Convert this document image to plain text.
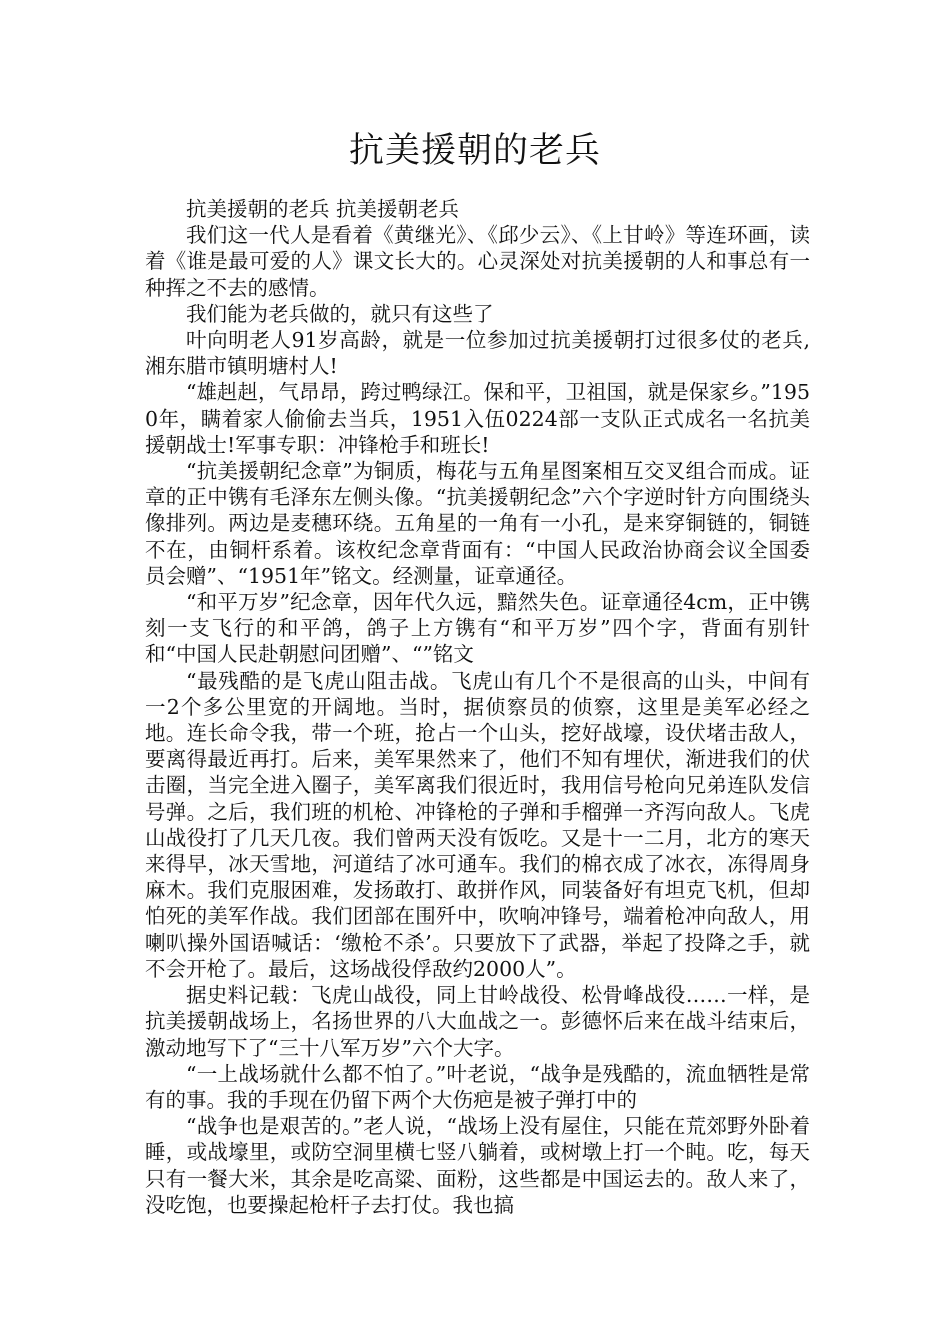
抗美援朝的老兵

抗美援朝的老兵 抗美援朝老兵

我们这一代人是看着《黄继光》、《邱少云》、《上甘岭》等连环画，读着《谁是最可爱的人》课文长大的。心灵深处对抗美援朝的人和事总有一种挥之不去的感情。

我们能为老兵做的，就只有这些了

叶向明老人91岁高龄，就是一位参加过抗美援朝打过很多仗的老兵,湘东腊市镇明塘村人!

“雄赳赳，气昂昂，跨过鸭绿江。保和平，卫祖国，就是保家乡。”1950年，瞒着家人偷偷去当兵，1951入伍0224部一支队正式成名一名抗美援朝战士!军事专职：冲锋枪手和班长!

“抗美援朝纪念章”为铜质，梅花与五角星图案相互交叉组合而成。证章的正中镌有毛泽东左侧头像。“抗美援朝纪念”六个字逆时针方向围绕头像排列。两边是麦穗环绕。五角星的一角有一小孔，是来穿铜链的，铜链不在，由铜杆系着。该枚纪念章背面有：“中国人民政治协商会议全国委员会赠”、“1951年”铭文。经测量，证章通径。

“和平万岁”纪念章，因年代久远，黯然失色。证章通径4cm，正中镌刻一支飞行的和平鸽，鸽子上方镌有“和平万岁”四个字，背面有别针和“中国人民赴朝慰问团赠”、“”铭文

“最残酷的是飞虎山阻击战。飞虎山有几个不是很高的山头，中间有一2个多公里宽的开阔地。当时，据侦察员的侦察，这里是美军必经之地。连长命令我，带一个班，抢占一个山头，挖好战壕，设伏堵击敌人，要离得最近再打。后来，美军果然来了，他们不知有埋伏，渐进我们的伏击圈，当完全进入圈子，美军离我们很近时，我用信号枪向兄弟连队发信号弹。之后，我们班的机枪、冲锋枪的子弹和手榴弹一齐泻向敌人。飞虎山战役打了几天几夜。我们曾两天没有饭吃。又是十一二月，北方的寒天来得早，冰天雪地，河道结了冰可通车。我们的棉衣成了冰衣，冻得周身麻木。我们克服困难，发扬敢打、敢拼作风，同装备好有坦克飞机，但却怕死的美军作战。我们团部在围歼中，吹响冲锋号，端着枪冲向敌人，用喇叭操外国语喊话：‘缴枪不杀’。只要放下了武器，举起了投降之手，就不会开枪了。最后，这场战役俘敌约2000人”。

据史料记载：飞虎山战役，同上甘岭战役、松骨峰战役……一样，是抗美援朝战场上，名扬世界的八大血战之一。彭德怀后来在战斗结束后，激动地写下了“三十八军万岁”六个大字。

“一上战场就什么都不怕了。”叶老说，“战争是残酷的，流血牺牲是常有的事。我的手现在仍留下两个大伤疤是被子弹打中的

“战争也是艰苦的。”老人说，“战场上没有屋住，只能在荒郊野外卧着睡，或战壕里，或防空洞里横七竖八躺着，或树墩上打一个盹。吃，每天只有一餐大米，其余是吃高粱、面粉，这些都是中国运去的。敌人来了，没吃饱，也要操起枪杆子去打仗。我也搞
